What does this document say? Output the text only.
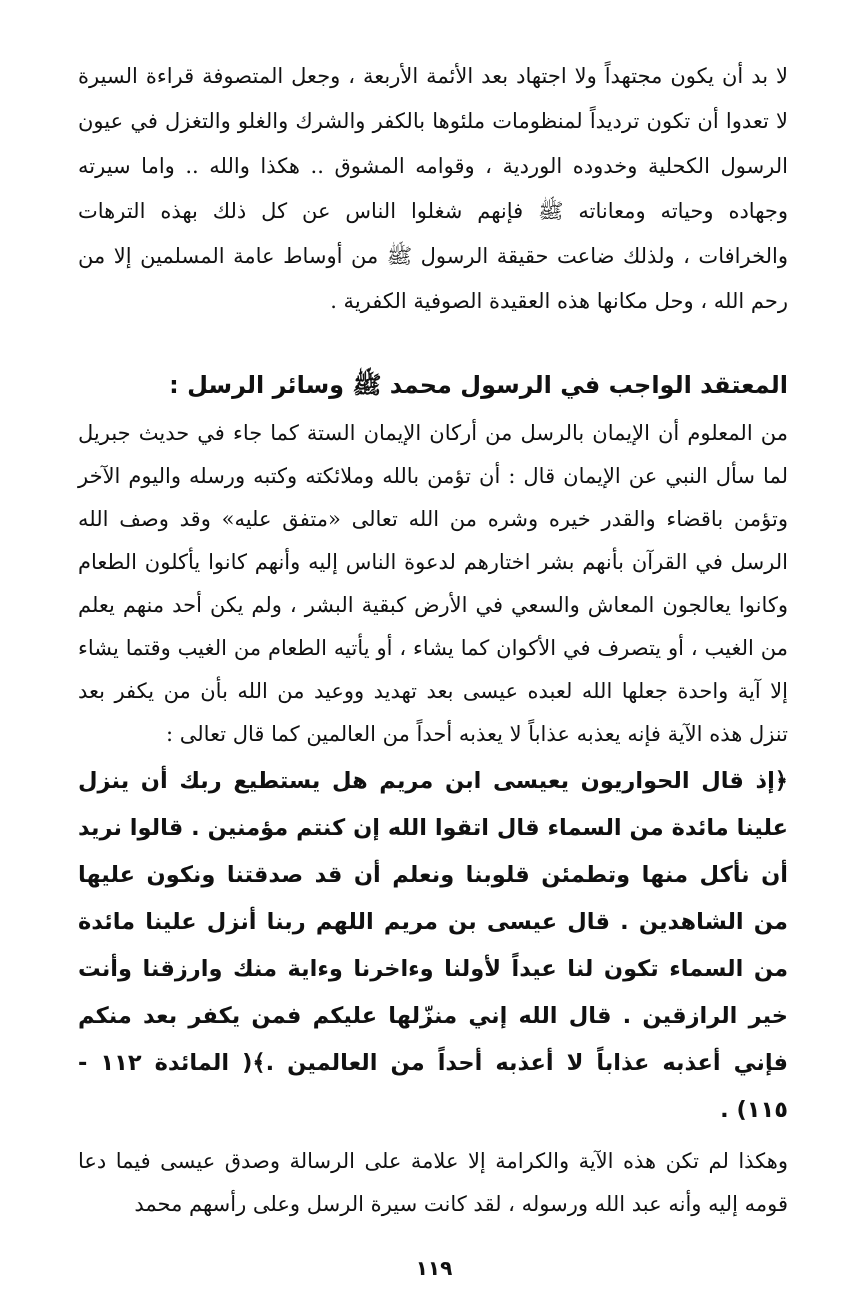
لا بد أن يكون مجتهداً ولا اجتهاد بعد الأئمة الأربعة ، وجعل المتصوفة قراءة السيرة لا تعدوا أن تكون ترديداً لمنظومات ملئوها بالكفر والشرك والغلو والتغزل في عيون الرسول الكحلية وخدوده الوردية ، وقوامه المشوق .. هكذا والله .. واما سيرته وجهاده وحياته ومعاناته ﷺ فإنهم شغلوا الناس عن كل ذلك بهذه الترهات والخرافات ، ولذلك ضاعت حقيقة الرسول ﷺ من أوساط عامة المسلمين إلا من رحم الله ، وحل مكانها هذه العقيدة الصوفية الكفرية .

المعتقد الواجب في الرسول محمد ﷺ وسائر الرسل :

من المعلوم أن الإيمان بالرسل من أركان الإيمان الستة كما جاء في حديث جبريل لما سأل النبي عن الإيمان قال : أن تؤمن بالله وملائكته وكتبه ورسله واليوم الآخر وتؤمن باقضاء والقدر خيره وشره من الله تعالى «متفق عليه» وقد وصف الله الرسل في القرآن بأنهم بشر اختارهم لدعوة الناس إليه وأنهم كانوا يأكلون الطعام وكانوا يعالجون المعاش والسعي في الأرض كبقية البشر ، ولم يكن أحد منهم يعلم من الغيب ، أو يتصرف في الأكوان كما يشاء ، أو يأتيه الطعام من الغيب وقتما يشاء إلا آية واحدة جعلها الله لعبده عيسى بعد تهديد ووعيد من الله بأن من يكفر بعد تنزل هذه الآية فإنه يعذبه عذاباً لا يعذبه أحداً من العالمين كما قال تعالى :

﴿إذ قال الحواريون يعيسى ابن مريم هل يستطيع ربك أن ينزل علينا مائدة من السماء قال اتقوا الله إن كنتم مؤمنين . قالوا نريد أن نأكل منها وتطمئن قلوبنا ونعلم أن قد صدقتنا ونكون عليها من الشاهدين . قال عيسى بن مريم اللهم ربنا أنزل علينا مائدة من السماء تكون لنا عيداً لأولنا وءاخرنا وءاية منك وارزقنا وأنت خير الرازقين . قال الله إني منزّلها عليكم فمن يكفر بعد منكم فإني أعذبه عذاباً لا أعذبه أحداً من العالمين .﴾( المائدة ١١٢ - ١١٥) .

وهكذا لم تكن هذه الآية والكرامة إلا علامة على الرسالة وصدق عيسى فيما دعا قومه إليه وأنه عبد الله ورسوله ، لقد كانت سيرة الرسل وعلى رأسهم محمد

١١٩
